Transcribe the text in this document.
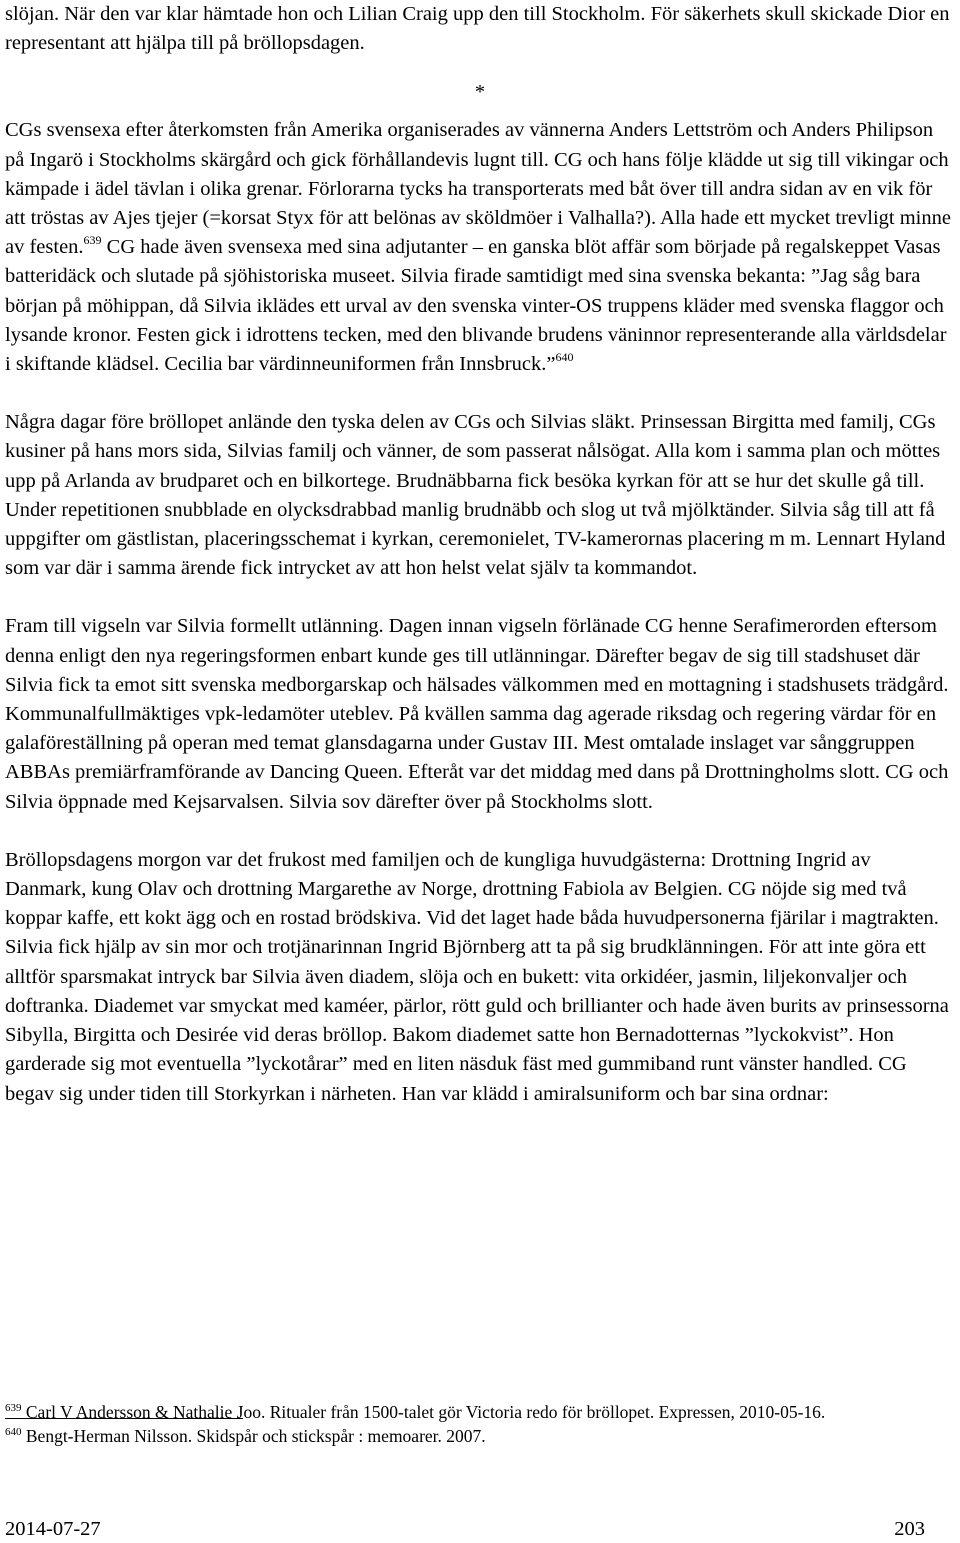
slöjan. När den var klar hämtade hon och Lilian Craig upp den till Stockholm. För säkerhets skull skickade Dior en representant att hjälpa till på bröllopsdagen.

*

CGs svensexa efter återkomsten från Amerika organiserades av vännerna Anders Lettström och Anders Philipson på Ingarö i Stockholms skärgård och gick förhållandevis lugnt till. CG och hans följe klädde ut sig till vikingar och kämpade i ädel tävlan i olika grenar. Förlorarna tycks ha transporterats med båt över till andra sidan av en vik för att tröstas av Ajes tjejer (=korsat Styx för att belönas av sköldmöer i Valhalla?). Alla hade ett mycket trevligt minne av festen.$^{639}$ CG hade även svensexa med sina adjutanter – en ganska blöt affär som började på regalskeppet Vasas batteridäck och slutade på sjöhistoriska museet. Silvia firade samtidigt med sina svenska bekanta: ”Jag såg bara början på möhippan, då Silvia iklädes ett urval av den svenska vinter-OS truppens kläder med svenska flaggor och lysande kronor. Festen gick i idrottens tecken, med den blivande brudens väninnor representerande alla världsdelar i skiftande klädsel. Cecilia bar värdinneuniformen från Innsbruck.”$^{640}$

Några dagar före bröllopet anlände den tyska delen av CGs och Silvias släkt. Prinsessan Birgitta med familj, CGs kusiner på hans mors sida, Silvias familj och vänner, de som passerat nålsögat. Alla kom i samma plan och möttes upp på Arlanda av brudparet och en bilkortege. Brudnäbbarna fick besöka kyrkan för att se hur det skulle gå till. Under repetitionen snubblade en olycksdrabbad manlig brudnäbb och slog ut två mjölktänder. Silvia såg till att få uppgifter om gästlistan, placeringsschemat i kyrkan, ceremonielet, TV-kamerornas placering m m. Lennart Hyland som var där i samma ärende fick intrycket av att hon helst velat själv ta kommandot.

Fram till vigseln var Silvia formellt utlänning. Dagen innan vigseln förlänade CG henne Serafimerorden eftersom denna enligt den nya regeringsformen enbart kunde ges till utlänningar. Därefter begav de sig till stadshuset där Silvia fick ta emot sitt svenska medborgarskap och hälsades välkommen med en mottagning i stadshusets trädgård. Kommunalfullmäktiges vpk-ledamöter uteblev. På kvällen samma dag agerade riksdag och regering värdar för en galaföreställning på operan med temat glansdagarna under Gustav III. Mest omtalade inslaget var sånggruppen ABBAs premiärframförande av Dancing Queen. Efteråt var det middag med dans på Drottningholms slott. CG och Silvia öppnade med Kejsarvalsen. Silvia sov därefter över på Stockholms slott.

Bröllopsdagens morgon var det frukost med familjen och de kungliga huvudgästerna: Drottning Ingrid av Danmark, kung Olav och drottning Margarethe av Norge, drottning Fabiola av Belgien. CG nöjde sig med två koppar kaffe, ett kokt ägg och en rostad brödskiva. Vid det laget hade båda huvudpersonerna fjärilar i magtrakten. Silvia fick hjälp av sin mor och trotjänarinnan Ingrid Björnberg att ta på sig brudklänningen. För att inte göra ett alltför sparsmakat intryck bar Silvia även diadem, slöja och en bukett: vita orkidéer, jasmin, liljekonvaljer och doftranka. Diademet var smyckat med kaméer, pärlor, rött guld och brillianter och hade även burits av prinsessorna Sibylla, Birgitta och Desirée vid deras bröllop. Bakom diademet satte hon Bernadotternas ”lyckokvist”. Hon garderade sig mot eventuella ”lyckotårar” med en liten näsduk fäst med gummiband runt vänster handled. CG begav sig under tiden till Storkyrkan i närheten. Han var klädd i amiralsuniform och bar sina ordnar:

$^{639}$ Carl V Andersson & Nathalie Joo. Ritualer från 1500-talet gör Victoria redo för bröllopet. Expressen, 2010-05-16.

$^{640}$ Bengt-Herman Nilsson. Skidspår och stickspår : memoarer. 2007.

2014-07-27	203
